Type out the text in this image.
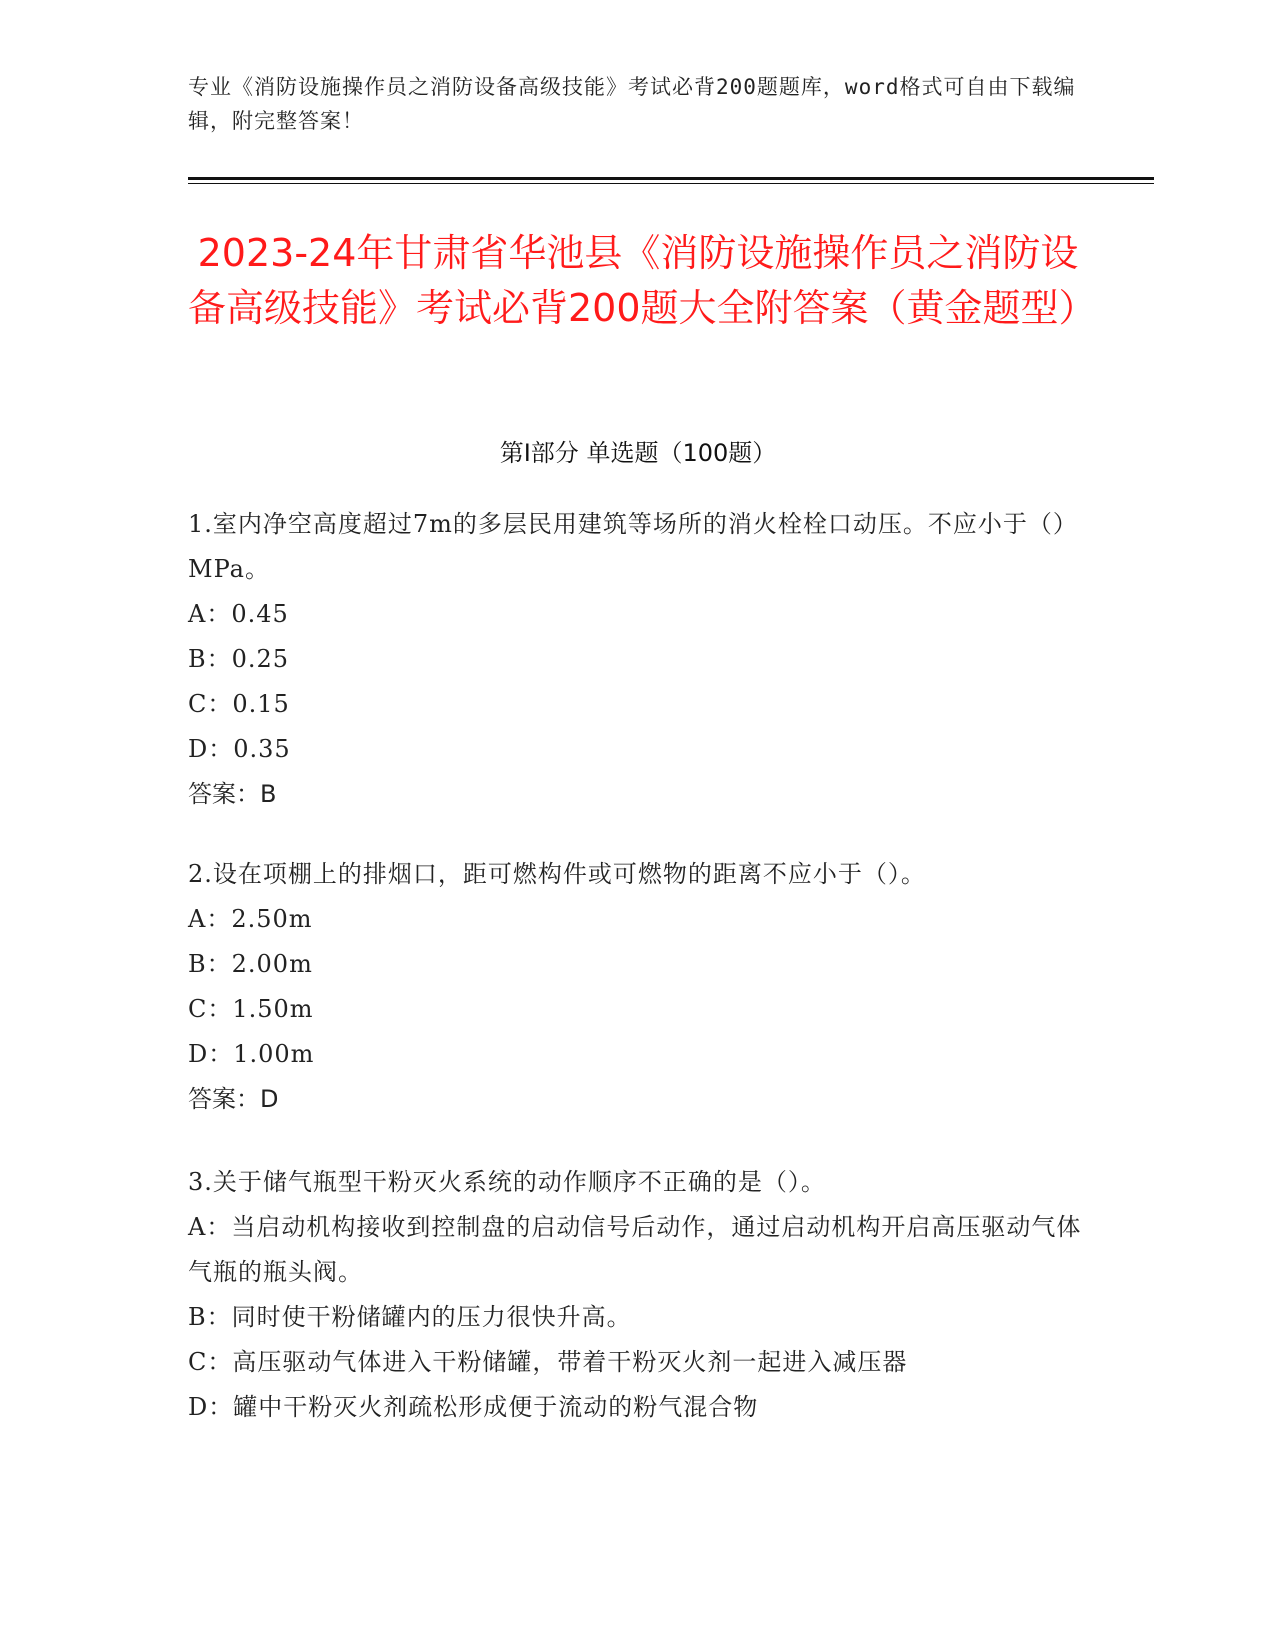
专业《消防设施操作员之消防设备高级技能》考试必背200题题库，word格式可自由下载编辑，附完整答案！
2023-24年甘肃省华池县《消防设施操作员之消防设备高级技能》考试必背200题大全附答案（黄金题型）
第Ⅰ部分 单选题（100题）

1.室内净空高度超过7m的多层民用建筑等场所的消火栓栓口动压。不应小于（）MPa。

A：0.45

B：0.25

C：0.15

D：0.35

答案：B

2.设在项棚上的排烟口，距可燃构件或可燃物的距离不应小于（）。

A：2.50m

B：2.00m

C：1.50m

D：1.00m

答案：D

3.关于储气瓶型干粉灭火系统的动作顺序不正确的是（）。

A：当启动机构接收到控制盘的启动信号后动作，通过启动机构开启高压驱动气体气瓶的瓶头阀。

B：同时使干粉储罐内的压力很快升高。

C：高压驱动气体进入干粉储罐，带着干粉灭火剂一起进入减压器

D：罐中干粉灭火剂疏松形成便于流动的粉气混合物
